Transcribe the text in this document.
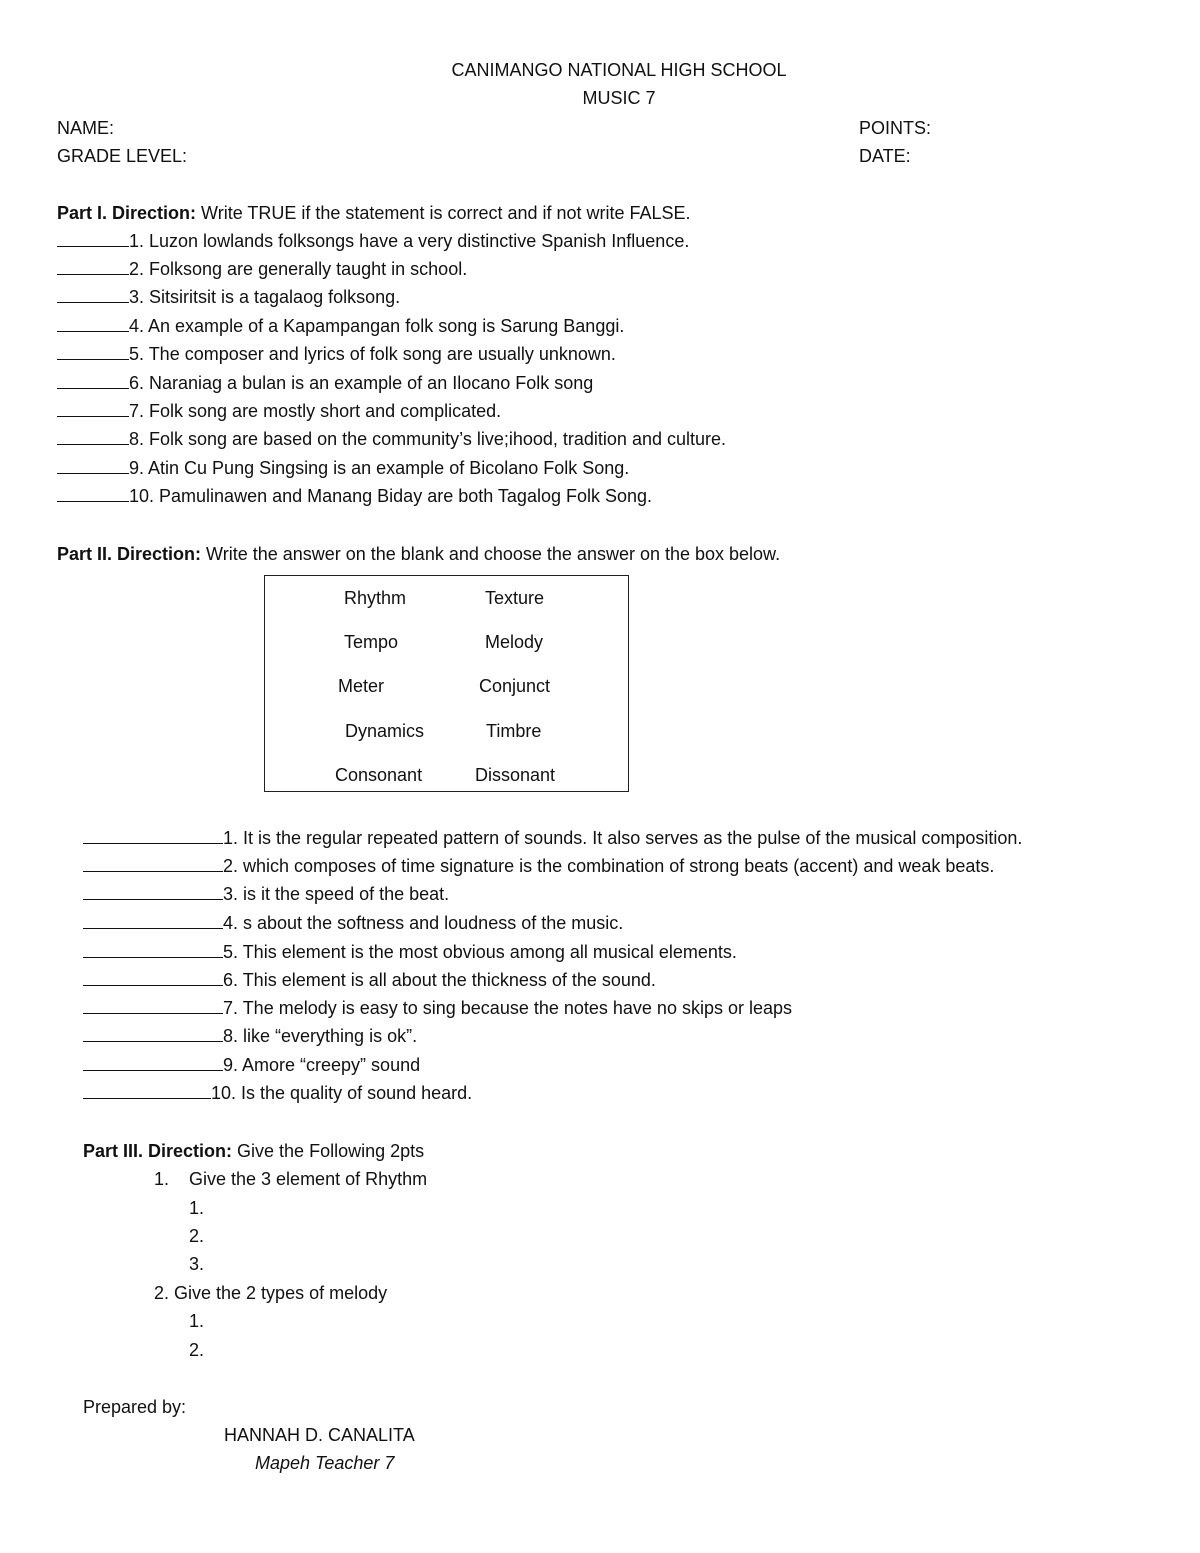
CANIMANGO NATIONAL HIGH SCHOOL
MUSIC 7
NAME:	POINTS:
GRADE LEVEL:	DATE:
Part I. Direction: Write TRUE if the statement is correct and if not write FALSE.
1. Luzon lowlands folksongs have a very distinctive Spanish Influence.
2. Folksong are generally taught in school.
3. Sitsiritsit is a tagalaog folksong.
4. An example of a Kapampangan folk song is Sarung Banggi.
5. The composer and lyrics of folk song are usually unknown.
6. Naraniag a bulan is an example of an Ilocano Folk song
7. Folk song are mostly short and complicated.
8. Folk song are based on the community’s live;ihood, tradition and culture.
9. Atin Cu Pung Singsing is an example of Bicolano Folk Song.
10. Pamulinawen and Manang Biday are both Tagalog Folk Song.
Part II. Direction: Write the answer on the blank and choose the answer on the box below.
Rhythm	Texture
Tempo	Melody
Meter	Conjunct
Dynamics	Timbre
Consonant	Dissonant
1. It is the regular repeated pattern of sounds. It also serves as the pulse of the musical composition.
2. which composes of time signature is the combination of strong beats (accent) and weak beats.
3. is it the speed of the beat.
4. s about the softness and loudness of the music.
5. This element is the most obvious among all musical elements.
6. This element is all about the thickness of the sound.
7. The melody is easy to sing because the notes have no skips or leaps
8. like “everything is ok”.
9. Amore “creepy” sound
10. Is the quality of sound heard.
Part III. Direction: Give the Following 2pts
1. Give the 3 element of Rhythm
1.
2.
3.
2. Give the 2 types of melody
1.
2.
Prepared by:
HANNAH D. CANALITA
Mapeh Teacher 7
